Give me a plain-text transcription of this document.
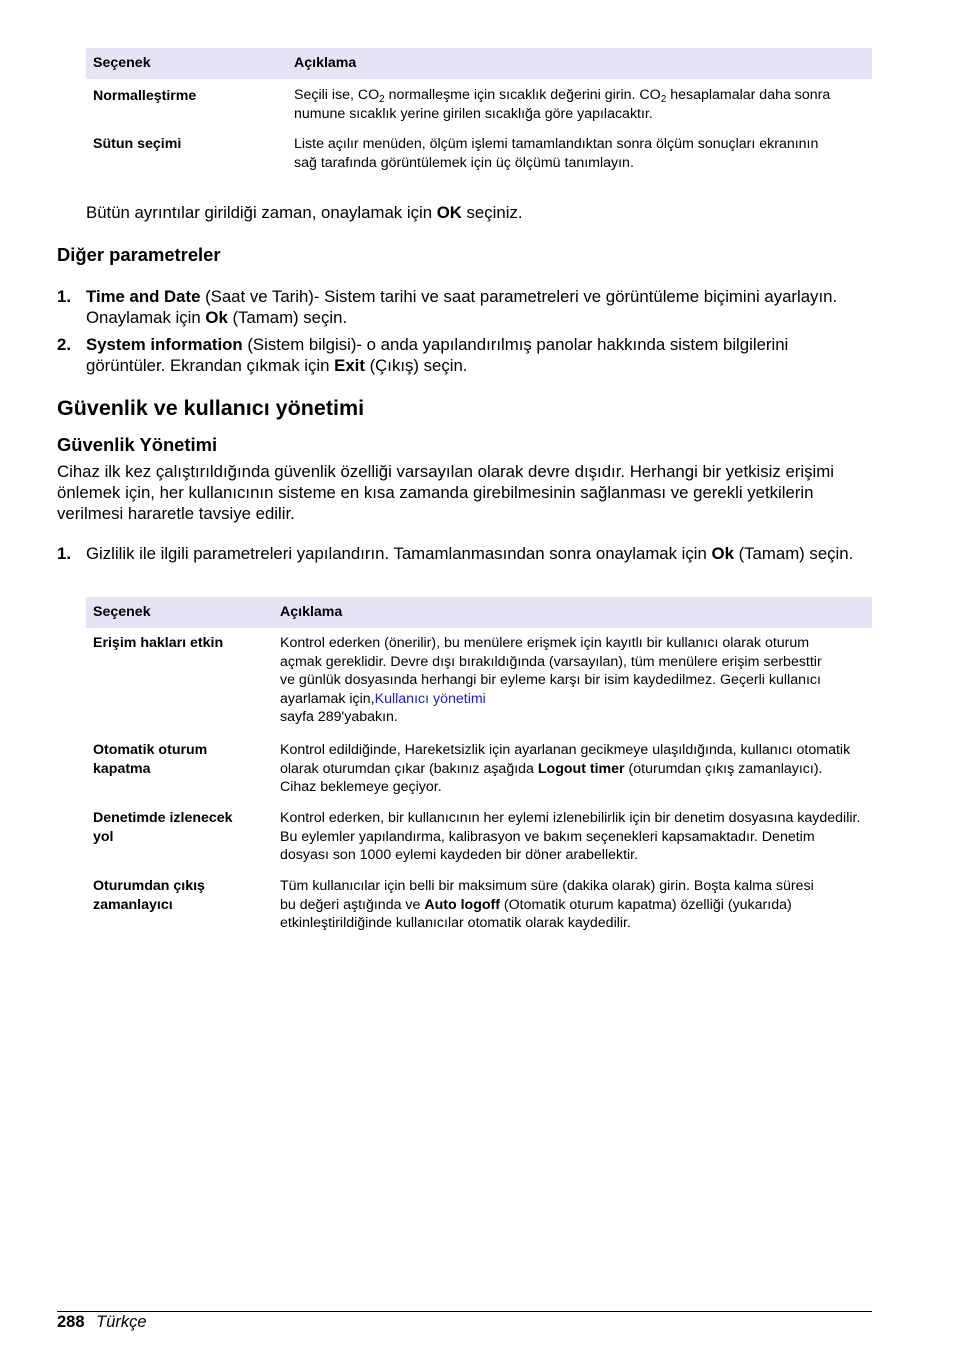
Seçenek	Açıklama
Normalleştirme	Seçili ise, $CO_2$ normalleşme için sıcaklık değerini girin. $CO_2$ hesaplamalar daha sonra numune sıcaklık yerine girilen sıcaklığa göre yapılacaktır.
Sütun seçimi	Liste açılır menüden, ölçüm işlemi tamamlandıktan sonra ölçüm sonuçları ekranının sağ tarafında görüntülemek için üç ölçümü tanımlayın.
Bütün ayrıntılar girildiği zaman, onaylamak için OK seçiniz.
Diğer parametreler
1. Time and Date (Saat ve Tarih)- Sistem tarihi ve saat parametreleri ve görüntüleme biçimini ayarlayın. Onaylamak için Ok (Tamam) seçin.
2. System information (Sistem bilgisi)- o anda yapılandırılmış panolar hakkında sistem bilgilerini görüntüler. Ekrandan çıkmak için Exit (Çıkış) seçin.
Güvenlik ve kullanıcı yönetimi
Güvenlik Yönetimi
Cihaz ilk kez çalıştırıldığında güvenlik özelliği varsayılan olarak devre dışıdır. Herhangi bir yetkisiz erişimi önlemek için, her kullanıcının sisteme en kısa zamanda girebilmesinin sağlanması ve gerekli yetkilerin verilmesi hararetle tavsiye edilir.
1. Gizlilik ile ilgili parametreleri yapılandırın. Tamamlanmasından sonra onaylamak için Ok (Tamam) seçin.
Seçenek	Açıklama
Erişim hakları etkin	Kontrol ederken (önerilir), bu menülere erişmek için kayıtlı bir kullanıcı olarak oturum açmak gereklidir. Devre dışı bırakıldığında (varsayılan), tüm menülere erişim serbesttir ve günlük dosyasında herhangi bir eyleme karşı bir isim kaydedilmez. Geçerli kullanıcı ayarlamak için,Kullanıcı yönetimi
sayfa 289'yabakın.
Otomatik oturum kapatma	Kontrol edildiğinde, Hareketsizlik için ayarlanan gecikmeye ulaşıldığında, kullanıcı otomatik olarak oturumdan çıkar (bakınız aşağıda Logout timer (oturumdan çıkış zamanlayıcı). Cihaz beklemeye geçiyor.
Denetimde izlenecek yol	Kontrol ederken, bir kullanıcının her eylemi izlenebilirlik için bir denetim dosyasına kaydedilir. Bu eylemler yapılandırma, kalibrasyon ve bakım seçenekleri kapsamaktadır. Denetim dosyası son 1000 eylemi kaydeden bir döner arabellektir.
Oturumdan çıkış zamanlayıcı	Tüm kullanıcılar için belli bir maksimum süre (dakika olarak) girin. Boşta kalma süresi bu değeri aştığında ve Auto logoff (Otomatik oturum kapatma) özelliği (yukarıda) etkinleştirildiğinde kullanıcılar otomatik olarak kaydedilir.
288 Türkçe
